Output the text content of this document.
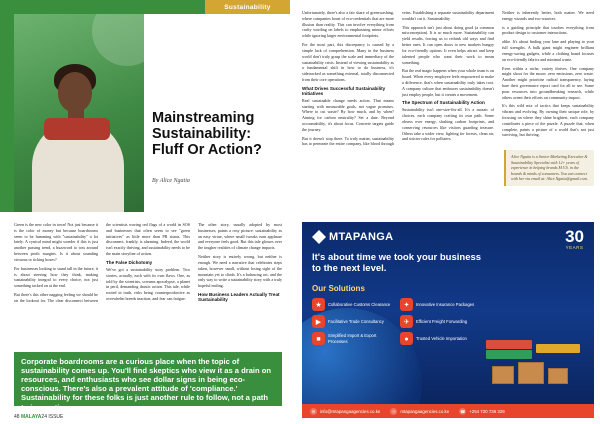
Sustainability
Mainstreaming Sustainability: Fluff Or Action?
By Alice Ngatia

Green is the new color in town! Not just because it is the color of money but because boardrooms seem to be humming with "sustainability" a lot lately. A cynical mind might wonder if this is just another passing trend, a buzzword to toss around between profit margins. Is it about sounding virtuous or ticking boxes?

For businesses looking to stand tall in the future, it is about steering how they think, making sustainability integral to every choice, not just something tacked on at the end.

But there's this other nagging feeling we should be on the lookout for. The clear disconnect between the scientists waving red flags of a world in SOS and businesses that often seem to see "green initiatives" as little more than PR stunts. This disconnect, frankly, is alarming. Indeed, the world isn't exactly thriving, and sustainability needs to be the main storyline of action.

The False Dichotomy

We've got a sustainability story problem. Two stories, actually, each with its own flaws. One, as told by the scientists, screams apocalypse, a planet in peril, demanding drastic action. This tale, while rooted in truth, risks being counterproductive as overwhelm breeds inaction, and fear can fatigue.

The other story, usually adopted by most businesses, paints a rosy picture: sustainability as an easy virtue, where small tweaks earn applause and everyone feels good. But this tale glosses over the tougher realities of climate change impacts.

Neither story is entirely wrong, but neither is enough. We need a narrative that celebrates steps taken, however small, without losing sight of the mountain yet to climb. It's a balancing act, and the only way to write a sustainability story with a truly hopeful ending.

How Business Leaders Actually Treat Sustainability
Corporate boardrooms are a curious place when the topic of sustainability comes up. You'll find skeptics who view it as a drain on resources, and enthusiasts who see dollar signs in being eco-conscious. There's also a prevalent attitude of 'compliance.' Sustainability for these folks is just another rule to follow, not a path to innovation.
48 MALAYA24 ISSUE

Unfortunately, there's also a fair share of greenwashing, where companies boast of eco-credentials that are more illusion than reality. This can involve everything from crafty wording on labels to emphasising minor efforts while ignoring larger environmental footprints.

For the most part, this discrepancy is caused by a simple lack of comprehension. Many in the business world don't truly grasp the scale and immediacy of the sustainability crisis. Instead of viewing sustainability as a fundamental shift in how to do business, it's sidetracked as something external, totally disconnected from their core operations.

What Drives Successful Sustainability Initiatives

Real sustainable change needs action. That means starting with measurable goals, not vague promises. Where to cut waste? By how much, and by when? Aiming for carbon neutrality? Set a date. Beyond accountability, it's about focus. Concrete targets guide the journey.

But it doesn't stop there. To truly matter, sustainability has to permeate the entire company, like blood through veins. Establishing a separate sustainability department wouldn't cut it. Sustainability

This approach isn't just about doing good (a common misconception). It is so much more. Sustainability can yield results, forcing us to rethink old ways and find better ones. It can open doors to new markets hungry for eco-friendly options. It even helps attract and keep talented people who want their work to mean something.

But the real magic happens when your whole team is on board. When every employee feels empowered to make a difference, that's when sustainability truly takes root. A company culture that embraces sustainability doesn't just employ people, but it creates a movement.

The Spectrum of Sustainability Action

Sustainability isn't one-size-fits-all. It's a mosaic of choices, each company crafting its own path. Some obsess over energy, slashing carbon footprints, and conserving resources like visitors guarding treasure. Others take a wider view, fighting for forests, clean air, and stricter rules for polluters.

Neither is inherently better, both matter. We need energy wizards and eco-warriors

is a guiding principle that touches everything from product design to customer interactions.

alike. It's about finding your lane and playing to your full strengths. A bulk giant might engineer brilliant energy-saving gadgets, while a clothing brand focuses on eco-friendly fabrics and minimal waste.

Even within a niche, variety thrives. One company might shoot for the moon: zero emissions, zero waste. Another might prioritise radical transparency, laying bare their governance report card for all to see. Some pour resources into groundbreaking research, while others orient their efforts on community impact.

It's this wild mix of tactics that keeps sustainability vibrant and evolving. By owning their unique role, by focusing on where they shine brightest, each company contributes a piece of the puzzle. A puzzle that, when complete, paints a picture of a world that's not just surviving, but thriving.

Alice Ngatia is a Senior Marketing Executive & Sustainability Specialist with 12+ years of experience in helping brands M.V.S. in the boards & minds of consumers. You can connect with her via email at: Alice.Ngatia@gmail.com.
MTAPANGA	30
YEARS
It's about time we took your business to the next level.
Our Solutions
★	Collaborative Customs Clearance	✦	Innovative Insurance Packages
▶	Facilitative Trade Consultancy	✈	Efficient Freight Forwarding
■	Simplified Import & Export Processes	●	Trusted Vehicle Importation
✉	info@mtapangaagencies.co.ke	☉	mtapangaagencies.co.ke	☎ +254 720 736 329
